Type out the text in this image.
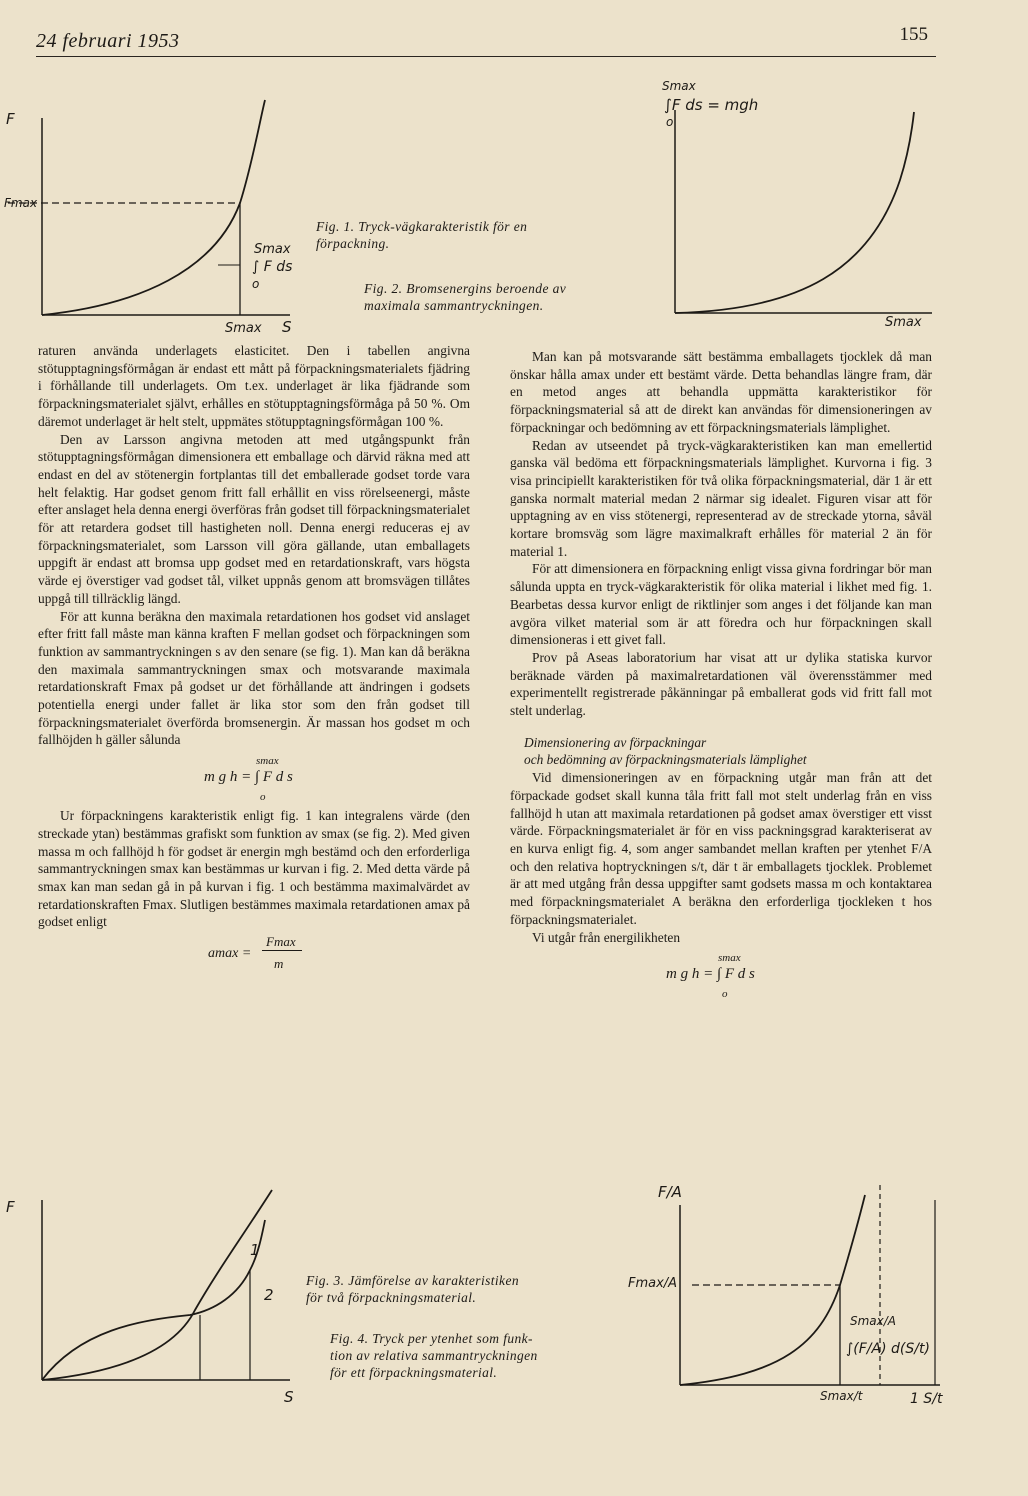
24 februari 1953	155
F
Fmax
S
Smax
Smax
∫ F ds
o
Fig. 1. Tryck-vägkarakteristik för en
förpackning.
Fig. 2. Bromsenergins beroende av
maximala sammantryckningen.
Smax
∫F ds = mgh
o
Smax

raturen använda underlagets elasticitet. Den i tabellen angivna stötupptagningsförmågan är endast ett mått på förpackningsmaterialets fjädring i förhållande till underlagets. Om t.ex. underlaget är lika fjädrande som förpackningsmaterialet självt, erhålles en stötupptagningsförmåga på 50 %. Om däremot underlaget är helt stelt, uppmätes stötupptagningsförmågan 100 %.

Den av Larsson angivna metoden att med utgångspunkt från stötupptagningsförmågan dimensionera ett emballage och därvid räkna med att endast en del av stötenergin fortplantas till det emballerade godset torde vara helt felaktig. Har godset genom fritt fall erhållit en viss rörelseenergi, måste efter anslaget hela denna energi överföras från godset till förpackningsmaterialet för att retardera godset till hastigheten noll. Denna energi reduceras ej av förpackningsmaterialet, som Larsson vill göra gällande, utan emballagets uppgift är endast att bromsa upp godset med en retardationskraft, vars högsta värde ej överstiger vad godset tål, vilket uppnås genom att bromsvägen tillåtes uppgå till tillräcklig längd.

För att kunna beräkna den maximala retardationen hos godset vid anslaget efter fritt fall måste man känna kraften F mellan godset och förpackningen som funktion av sammantryckningen s av den senare (se fig. 1). Man kan då beräkna den maximala sammantryckningen smax och motsvarande maximala retardationskraft Fmax på godset ur det förhållande att ändringen i godsets potentiella energi under fallet är lika stor som den från godset till förpackningsmaterialet överförda bromsenergin. Är massan hos godset m och fallhöjden h gäller sålunda

smax
m g h = ∫ F d s
o

Ur förpackningens karakteristik enligt fig. 1 kan integralens värde (den streckade ytan) bestämmas grafiskt som funktion av smax (se fig. 2). Med given massa m och fallhöjd h för godset är energin mgh bestämd och den erforderliga sammantryckningen smax kan bestämmas ur kurvan i fig. 2. Med detta värde på smax kan man sedan gå in på kurvan i fig. 1 och bestämma maximalvärdet av retardationskraften Fmax. Slutligen bestämmes maximala retardationen amax på godset enligt

amax =
Fmax
m

Man kan på motsvarande sätt bestämma emballagets tjocklek då man önskar hålla amax under ett bestämt värde. Detta behandlas längre fram, där en metod anges att behandla uppmätta karakteristikor för förpackningsmaterial så att de direkt kan användas för dimensioneringen av förpackningar och bedömning av ett förpackningsmaterials lämplighet.

Redan av utseendet på tryck-vägkarakteristiken kan man emellertid ganska väl bedöma ett förpackningsmaterials lämplighet. Kurvorna i fig. 3 visa principiellt karakteristiken för två olika förpackningsmaterial, där 1 är ett ganska normalt material medan 2 närmar sig idealet. Figuren visar att för upptagning av en viss stötenergi, representerad av de streckade ytorna, såväl kortare bromsväg som lägre maximalkraft erhålles för material 2 än för material 1.

För att dimensionera en förpackning enligt vissa givna fordringar bör man sålunda uppta en tryck-vägkarakteristik för olika material i likhet med fig. 1. Bearbetas dessa kurvor enligt de riktlinjer som anges i det följande kan man avgöra vilket material som är att föredra och hur förpackningen skall dimensioneras i ett givet fall.

Prov på Aseas laboratorium har visat att ur dylika statiska kurvor beräknade värden på maximalretardationen väl överensstämmer med experimentellt registrerade påkänningar på emballerat gods vid fritt fall mot stelt underlag.

Dimensionering av förpackningar
och bedömning av förpackningsmaterials lämplighet

Vid dimensioneringen av en förpackning utgår man från att det förpackade godset skall kunna tåla fritt fall mot stelt underlag från en viss fallhöjd h utan att maximala retardationen på godset amax överstiger ett visst värde. Förpackningsmaterialet är för en viss packningsgrad karakteriserat av en kurva enligt fig. 4, som anger sambandet mellan kraften per ytenhet F/A och den relativa hoptryckningen s/t, där t är emballagets tjocklek. Problemet är att med utgång från dessa uppgifter samt godsets massa m och kontaktarea med förpackningsmaterialet A beräkna den erforderliga tjockleken t hos förpackningsmaterialet.

Vi utgår från energilikheten

smax
m g h = ∫ F d s
o
F
S
1
2
Fig. 3. Jämförelse av karakteristiken
för två förpackningsmaterial.
Fig. 4. Tryck per ytenhet som funk-
tion av relativa sammantryckningen
för ett förpackningsmaterial.
F/A
Fmax/A
Smax/A
∫(F/A) d(S/t)
Smax/t	1 S/t
